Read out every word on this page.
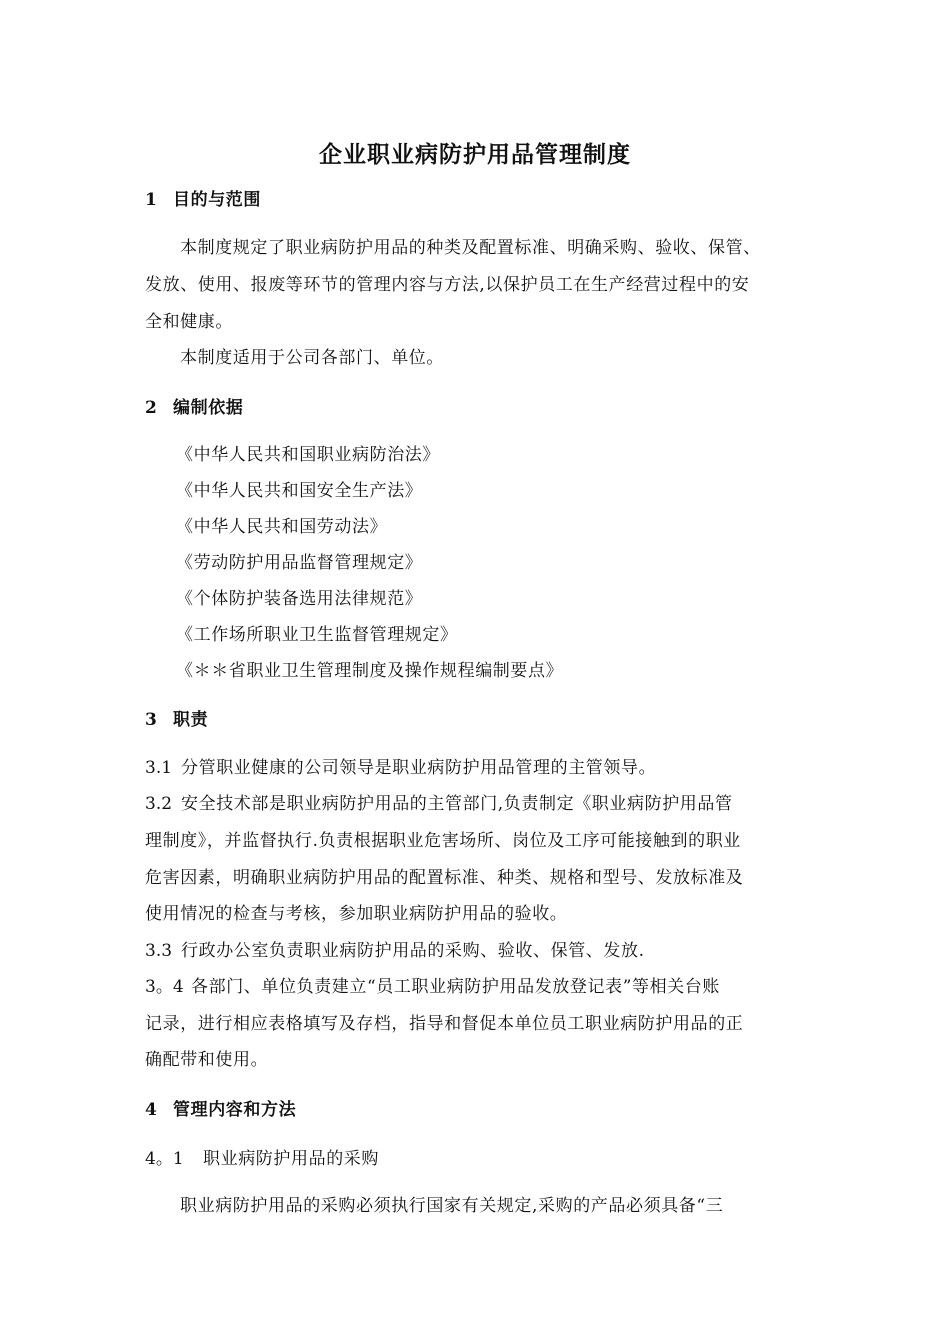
企业职业病防护用品管理制度
1 目的与范围
本制度规定了职业病防护用品的种类及配置标准、明确采购、验收、保管、
发放、使用、报废等环节的管理内容与方法,以保护员工在生产经营过程中的安
全和健康。
本制度适用于公司各部门、单位。
2 编制依据
《中华人民共和国职业病防治法》
《中华人民共和国安全生产法》
《中华人民共和国劳动法》
《劳动防护用品监督管理规定》
《个体防护装备选用法律规范》
《工作场所职业卫生监督管理规定》
《＊＊省职业卫生管理制度及操作规程编制要点》
3 职责
3.1 分管职业健康的公司领导是职业病防护用品管理的主管领导。
3.2 安全技术部是职业病防护用品的主管部门,负责制定《职业病防护用品管
理制度》，并监督执行.负责根据职业危害场所、岗位及工序可能接触到的职业
危害因素，明确职业病防护用品的配置标准、种类、规格和型号、发放标准及
使用情况的检查与考核，参加职业病防护用品的验收。
3.3 行政办公室负责职业病防护用品的采购、验收、保管、发放.
3。4 各部门、单位负责建立“员工职业病防护用品发放登记表”等相关台账
记录，进行相应表格填写及存档，指导和督促本单位员工职业病防护用品的正
确配带和使用。
4 管理内容和方法
4。1 职业病防护用品的采购
职业病防护用品的采购必须执行国家有关规定,采购的产品必须具备“三
